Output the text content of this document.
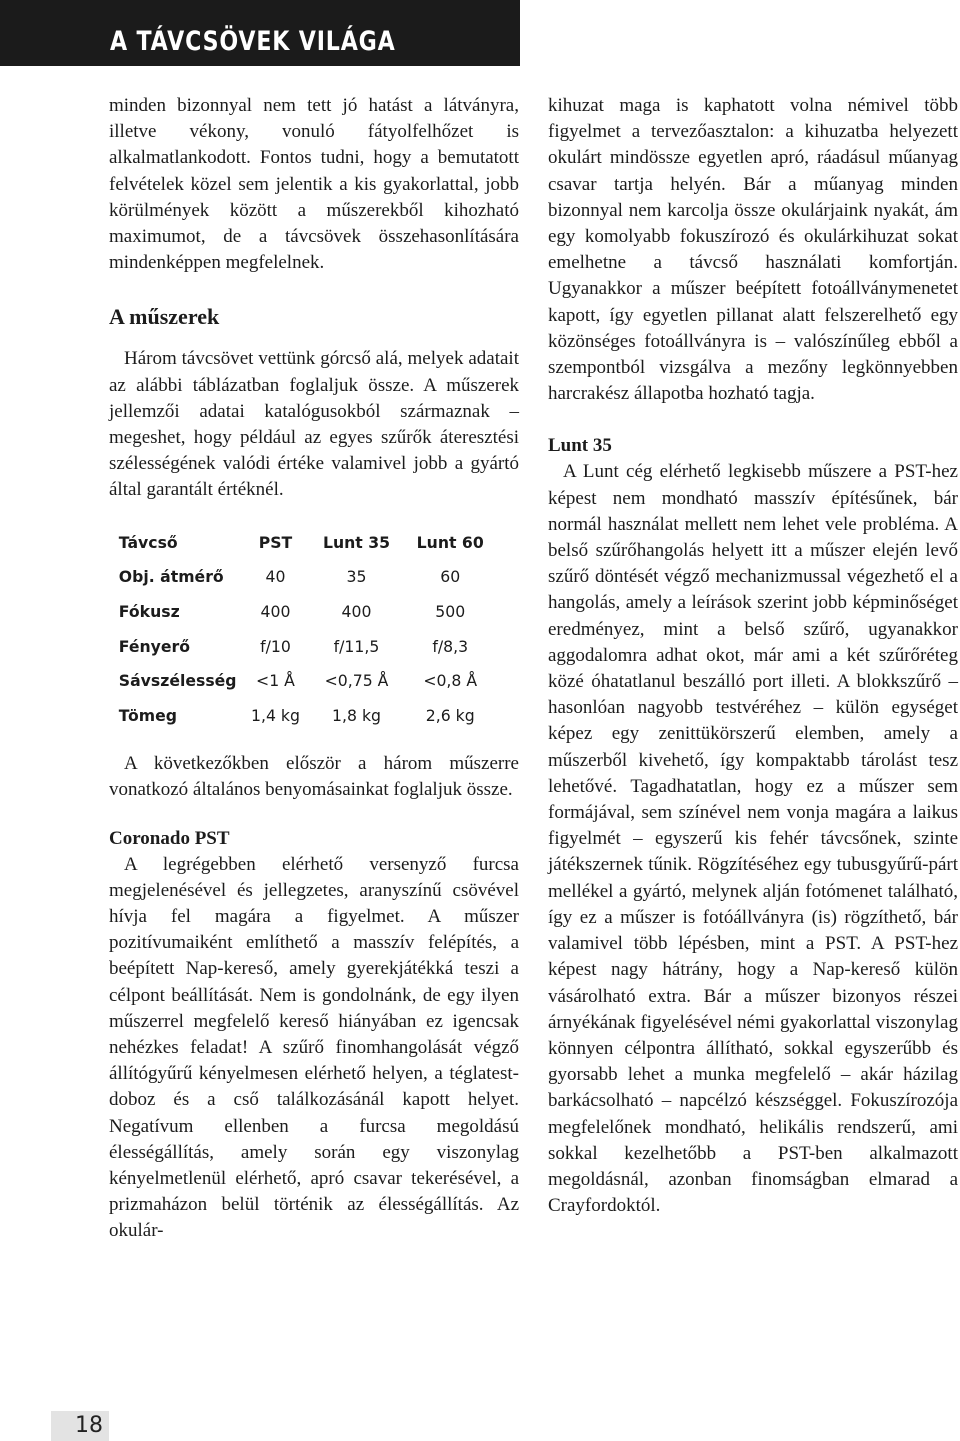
A TÁVCSÖVEK VILÁGA

minden bizonnyal nem tett jó hatást a látványra, illetve vékony, vonuló fátyolfelhőzet is alkalmatlankodott. Fontos tudni, hogy a bemutatott felvételek közel sem jelentik a kis gyakorlattal, jobb körülmények között a műszerekből kihozható maximumot, de a távcsövek összehasonlítására mindenképpen megfelelnek.

A műszerek

Három távcsövet vettünk górcső alá, melyek adatait az alábbi táblázatban foglaljuk össze. A műszerek jellemzői adatai katalógusokból származnak – megeshet, hogy például az egyes szűrők áteresztési szélességének valódi értéke valamivel jobb a gyártó által garantált értéknél.

Távcső	PST	Lunt 35	Lunt 60
Obj. átmérő	40	35	60
Fókusz	400	400	500
Fényerő	f/10	f/11,5	f/8,3
Sávszélesség	<1 Å	<0,75 Å	<0,8 Å
Tömeg	1,4 kg	1,8 kg	2,6 kg

A következőkben először a három műszerre vonatkozó általános benyomásainkat foglaljuk össze.

Coronado PST

A legrégebben elérhető versenyző furcsa megjelenésével és jellegzetes, aranyszínű csövével hívja fel magára a figyelmet. A műszer pozitívumaiként említhető a masszív felépítés, a beépített Nap-kereső, amely gyerekjátékká teszi a célpont beállítását. Nem is gondolnánk, de egy ilyen műszerrel megfelelő kereső hiányában ez igencsak nehézkes feladat! A szűrő finomhangolását végző állítógyűrű kényelmesen elérhető helyen, a téglatest-doboz és a cső találkozásánál kapott helyet. Negatívum ellenben a furcsa megoldású élességállítás, amely során egy viszonylag kényelmetlenül elérhető, apró csavar tekerésével, a prizmaházon belül történik az élességállítás. Az okulár-

kihuzat maga is kaphatott volna némivel több figyelmet a tervezőasztalon: a kihuzatba helyezett okulárt mindössze egyetlen apró, ráadásul műanyag csavar tartja helyén. Bár a műanyag minden bizonnyal nem karcolja össze okulárjaink nyakát, ám egy komolyabb fokuszírozó és okulárkihuzat sokat emelhetne a távcső használati komfortján. Ugyanakkor a műszer beépített fotoállványmenetet kapott, így egyetlen pillanat alatt felszerelhető egy közönséges fotoállványra is – valószínűleg ebből a szempontból vizsgálva a mezőny legkönnyebben harcrakész állapotba hozható tagja.

Lunt 35

A Lunt cég elérhető legkisebb műszere a PST-hez képest nem mondható masszív építésűnek, bár normál használat mellett nem lehet vele probléma. A belső szűrőhangolás helyett itt a műszer elején levő szűrő döntését végző mechanizmussal végezhető el a hangolás, amely a leírások szerint jobb képminőséget eredményez, mint a belső szűrő, ugyanakkor aggodalomra adhat okot, már ami a két szűrőréteg közé óhatatlanul beszálló port illeti. A blokkszűrő – hasonlóan nagyobb testvéréhez – külön egységet képez egy zenittükörszerű elemben, amely a műszerből kivehető, így kompaktabb tárolást tesz lehetővé. Tagadhatatlan, hogy ez a műszer sem formájával, sem színével nem vonja magára a laikus figyelmét – egyszerű kis fehér távcsőnek, szinte játékszernek tűnik. Rögzítéséhez egy tubusgyűrű-párt mellékel a gyártó, melynek alján fotómenet található, így ez a műszer is fotóállványra (is) rögzíthető, bár valamivel több lépésben, mint a PST. A PST-hez képest nagy hátrány, hogy a Nap-kereső külön vásárolható extra. Bár a műszer bizonyos részei árnyékának figyelésével némi gyakorlattal viszonylag könnyen célpontra állítható, sokkal egyszerűbb és gyorsabb lehet a munka megfelelő – akár házilag barkácsolható – napcélzó készséggel. Fokuszírozója megfelelőnek mondható, helikális rendszerű, ami sokkal kezelhetőbb a PST-ben alkalmazott megoldásnál, azonban finomságban elmarad a Crayfordoktól.

18
